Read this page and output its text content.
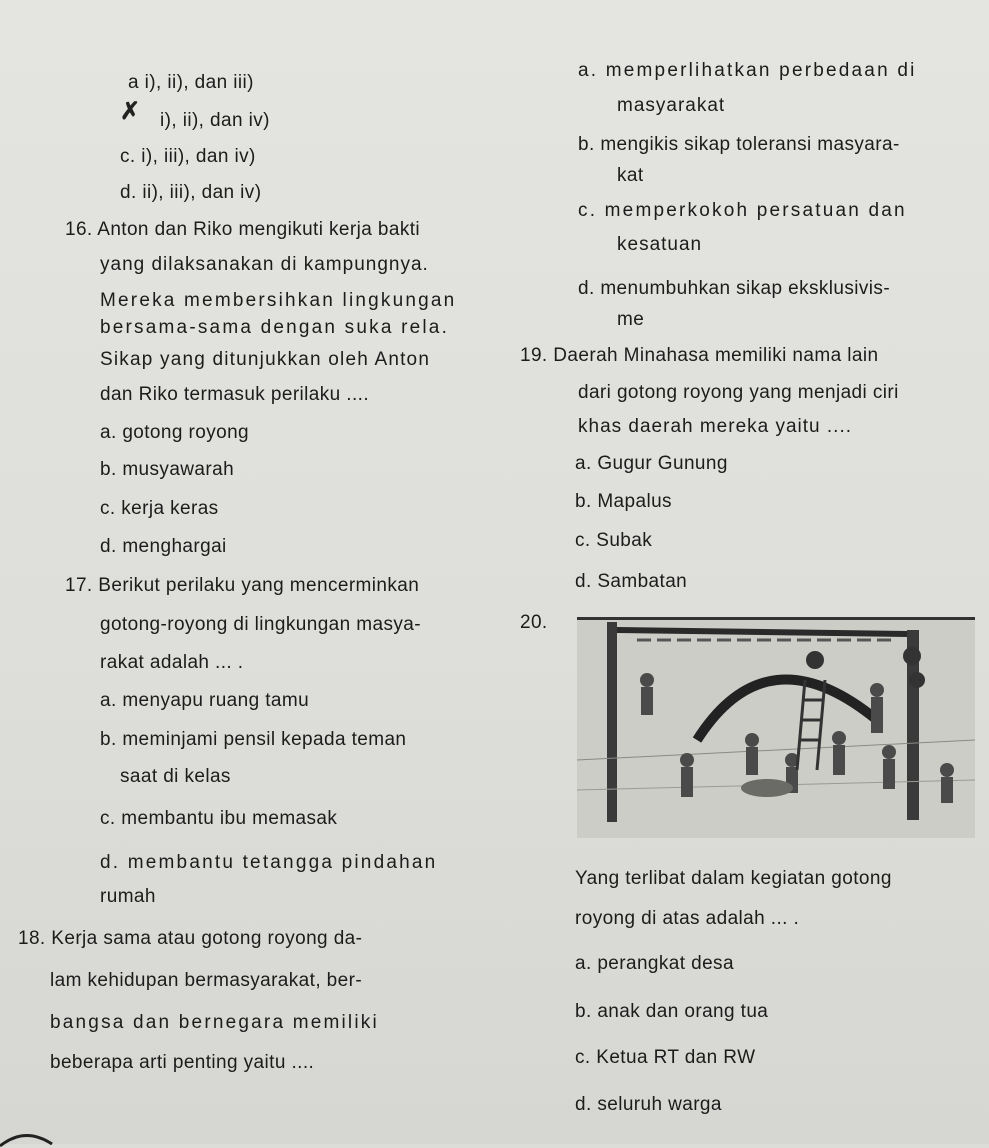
a i), ii), dan iii)
✗ i), ii), dan iv)
c. i), iii), dan iv)
d. ii), iii), dan iv)
16. Anton dan Riko mengikuti kerja bakti
yang dilaksanakan di kampungnya.
Mereka membersihkan lingkungan
bersama-sama dengan suka rela.
Sikap yang ditunjukkan oleh Anton
dan Riko termasuk perilaku ....
a. gotong royong
b. musyawarah
c. kerja keras
d. menghargai
17. Berikut perilaku yang mencerminkan
gotong-royong di lingkungan masya-
rakat adalah ... .
a. menyapu ruang tamu
b. meminjami pensil kepada teman
saat di kelas
c. membantu ibu memasak
d. membantu tetangga pindahan
rumah
18. Kerja sama atau gotong royong da-
lam kehidupan bermasyarakat, ber-
bangsa dan bernegara memiliki
beberapa arti penting yaitu ....
a. memperlihatkan perbedaan di
masyarakat
b. mengikis sikap toleransi masyara-
kat
c. memperkokoh persatuan dan
kesatuan
d. menumbuhkan sikap eksklusivis-
me
19. Daerah Minahasa memiliki nama lain
dari gotong royong yang menjadi ciri
khas daerah mereka yaitu ....
a. Gugur Gunung
b. Mapalus
c. Subak
d. Sambatan
20.
Yang terlibat dalam kegiatan gotong
royong di atas adalah ... .
a. perangkat desa
b. anak dan orang tua
c. Ketua RT dan RW
d. seluruh warga
